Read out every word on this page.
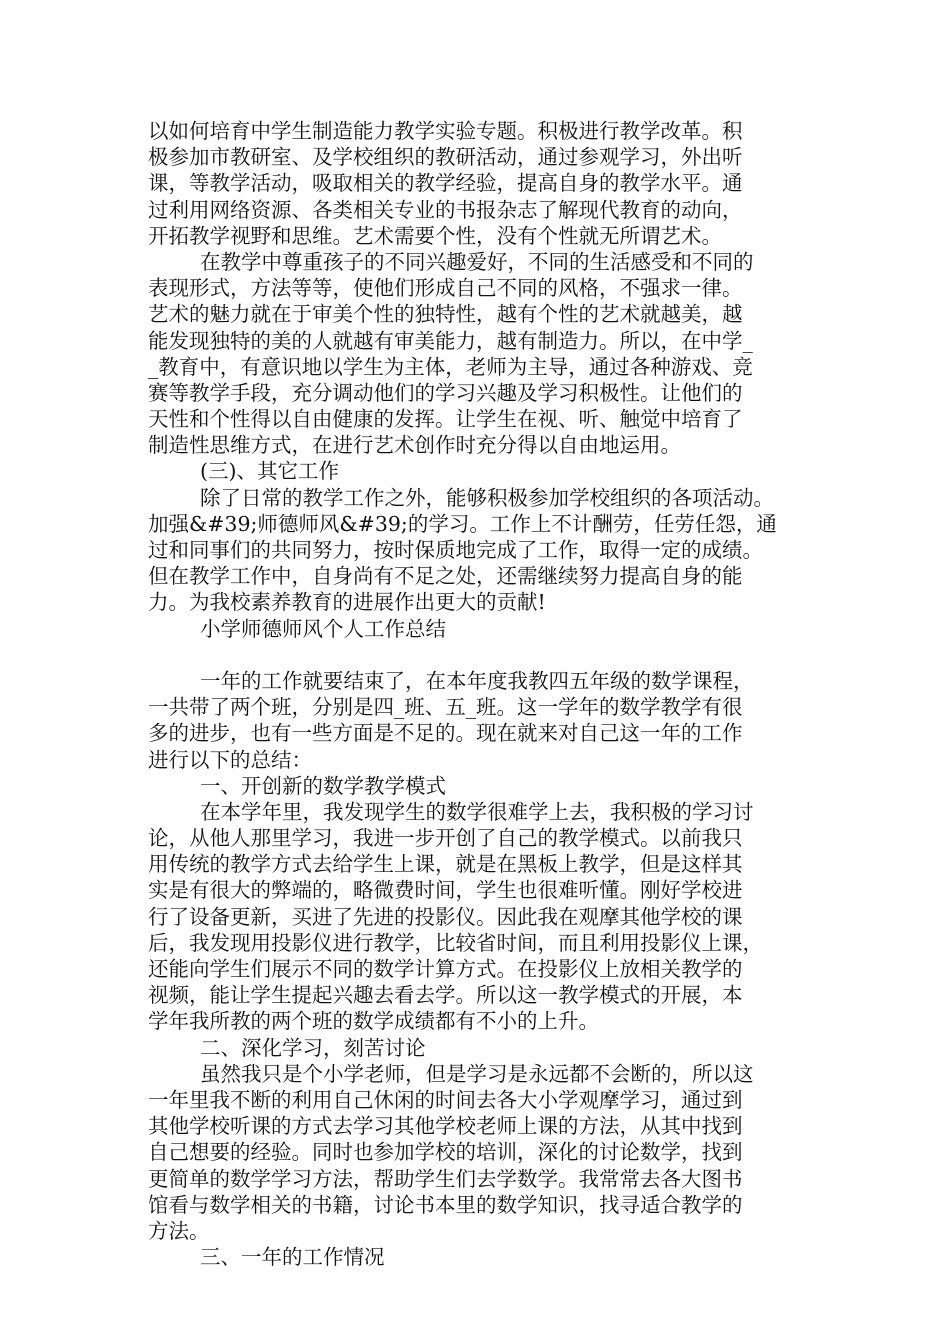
以如何培育中学生制造能力教学实验专题。积极进行教学改革。积
极参加市教研室、及学校组织的教研活动，通过参观学习，外出听
课，等教学活动，吸取相关的教学经验，提高自身的教学水平。通
过利用网络资源、各类相关专业的书报杂志了解现代教育的动向，
开拓教学视野和思维。艺术需要个性，没有个性就无所谓艺术。
在教学中尊重孩子的不同兴趣爱好，不同的生活感受和不同的
表现形式，方法等等，使他们形成自己不同的风格，不强求一律。
艺术的魅力就在于审美个性的独特性，越有个性的艺术就越美，越
能发现独特的美的人就越有审美能力，越有制造力。所以，在中学_
_教育中，有意识地以学生为主体，老师为主导，通过各种游戏、竞
赛等教学手段，充分调动他们的学习兴趣及学习积极性。让他们的
天性和个性得以自由健康的发挥。让学生在视、听、触觉中培育了
制造性思维方式，在进行艺术创作时充分得以自由地运用。
(三)、其它工作
除了日常的教学工作之外，能够积极参加学校组织的各项活动。
加强&#39;师德师风&#39;的学习。工作上不计酬劳，任劳任怨，通
过和同事们的共同努力，按时保质地完成了工作，取得一定的成绩。
但在教学工作中，自身尚有不足之处，还需继续努力提高自身的能
力。为我校素养教育的进展作出更大的贡献!
小学师德师风个人工作总结
一年的工作就要结束了，在本年度我教四五年级的数学课程，
一共带了两个班，分别是四_班、五_班。这一学年的数学教学有很
多的进步，也有一些方面是不足的。现在就来对自己这一年的工作
进行以下的总结：
一、开创新的数学教学模式
在本学年里，我发现学生的数学很难学上去，我积极的学习讨
论，从他人那里学习，我进一步开创了自己的教学模式。以前我只
用传统的教学方式去给学生上课，就是在黑板上教学，但是这样其
实是有很大的弊端的，略微费时间，学生也很难听懂。刚好学校进
行了设备更新，买进了先进的投影仪。因此我在观摩其他学校的课
后，我发现用投影仪进行教学，比较省时间，而且利用投影仪上课，
还能向学生们展示不同的数学计算方式。在投影仪上放相关教学的
视频，能让学生提起兴趣去看去学。所以这一教学模式的开展，本
学年我所教的两个班的数学成绩都有不小的上升。
二、深化学习，刻苦讨论
虽然我只是个小学老师，但是学习是永远都不会断的，所以这
一年里我不断的利用自己休闲的时间去各大小学观摩学习，通过到
其他学校听课的方式去学习其他学校老师上课的方法，从其中找到
自己想要的经验。同时也参加学校的培训，深化的讨论数学，找到
更简单的数学学习方法，帮助学生们去学数学。我常常去各大图书
馆看与数学相关的书籍，讨论书本里的数学知识，找寻适合教学的
方法。
三、一年的工作情况
